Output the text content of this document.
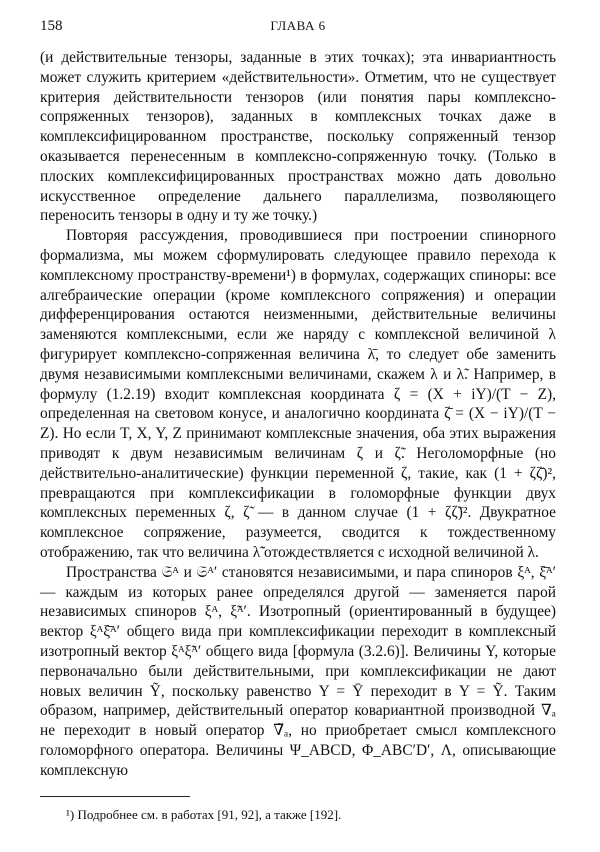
158	ГЛАВА 6

(и действительные тензоры, заданные в этих точках); эта инвариантность может служить критерием «действительности». Отметим, что не существует критерия действительности тензоров (или понятия пары комплексно-сопряженных тензоров), заданных в комплексных точках даже в комплексифицированном пространстве, поскольку сопряженный тензор оказывается перенесенным в комплексно-сопряженную точку. (Только в плоских комплексифицированных пространствах можно дать довольно искусственное определение дальнего параллелизма, позволяющего переносить тензоры в одну и ту же точку.)

Повторяя рассуждения, проводившиеся при построении спинорного формализма, мы можем сформулировать следующее правило перехода к комплексному пространству-времени¹) в формулах, содержащих спиноры: все алгебраические операции (кроме комплексного сопряжения) и операции дифференцирования остаются неизменными, действительные величины заменяются комплексными, если же наряду с комплексной величиной λ фигурирует комплексно-сопряженная величина λ̄, то следует обе заменить двумя независимыми комплексными величинами, скажем λ и λ̃. Например, в формулу (1.2.19) входит комплексная координата ζ = (X + iY)/(T − Z), определенная на световом конусе, и аналогично координата ζ̄ = (X − iY)/(T − Z). Но если T, X, Y, Z принимают комплексные значения, оба этих выражения приводят к двум независимым величинам ζ и ζ̃. Неголоморфные (но действительно-аналитические) функции переменной ζ, такие, как (1 + ζζ̄)², превращаются при комплексификации в голоморфные функции двух комплексных переменных ζ, ζ̃ — в данном случае (1 + ζζ̃)². Двукратное комплексное сопряжение, разумеется, сводится к тождественному отображению, так что величина λ̃̃ отождествляется с исходной величиной λ.

Пространства 𝔖ᴬ и 𝔖ᴬ′ становятся независимыми, и пара спиноров ξᴬ, ξ̄ᴬ′ — каждым из которых ранее определялся другой — заменяется парой независимых спиноров ξᴬ, ξ̃ᴬ′. Изотропный (ориентированный в будущее) вектор ξᴬξ̄ᴬ′ общего вида при комплексификации переходит в комплексный изотропный вектор ξᴬξ̃ᴬ′ общего вида [формула (3.2.6)]. Величины Y, которые первоначально были действительными, при комплексификации не дают новых величин Ỹ, поскольку равенство Y = Ȳ переходит в Y = Ỹ. Таким образом, например, действительный оператор ковариантной производной ∇ₐ не переходит в новый оператор ∇̃ₐ, но приобретает смысл комплексного голоморфного оператора. Величины Ψ_ABCD, Φ_ABC′D′, Λ, описывающие комплексную

¹) Подробнее см. в работах [91, 92], а также [192].
